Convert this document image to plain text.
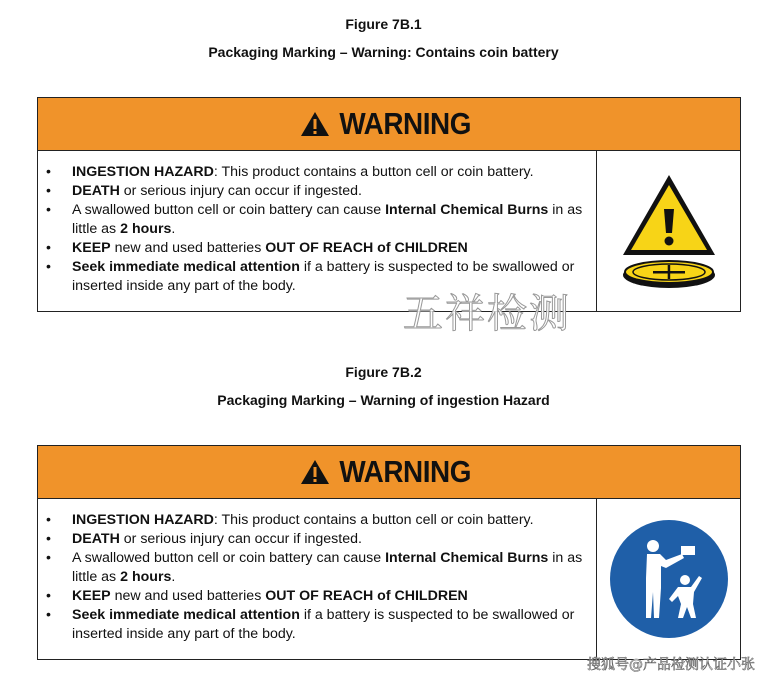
Figure 7B.1
Packaging Marking – Warning: Contains coin battery
WARNING
•	INGESTION HAZARD: This product contains a button cell or coin battery.
•	DEATH or serious injury can occur if ingested.
•	A swallowed button cell or coin battery can cause Internal Chemical Burns in as little as 2 hours.
•	KEEP new and used batteries OUT OF REACH of CHILDREN
•	Seek immediate medical attention if a battery is suspected to be swallowed or inserted inside any part of the body.
五祥检测
Figure 7B.2
Packaging Marking – Warning of ingestion Hazard
WARNING
•	INGESTION HAZARD: This product contains a button cell or coin battery.
•	DEATH or serious injury can occur if ingested.
•	A swallowed button cell or coin battery can cause Internal Chemical Burns in as little as 2 hours.
•	KEEP new and used batteries OUT OF REACH of CHILDREN
•	Seek immediate medical attention if a battery is suspected to be swallowed or inserted inside any part of the body.
搜狐号@产品检测认证小张
